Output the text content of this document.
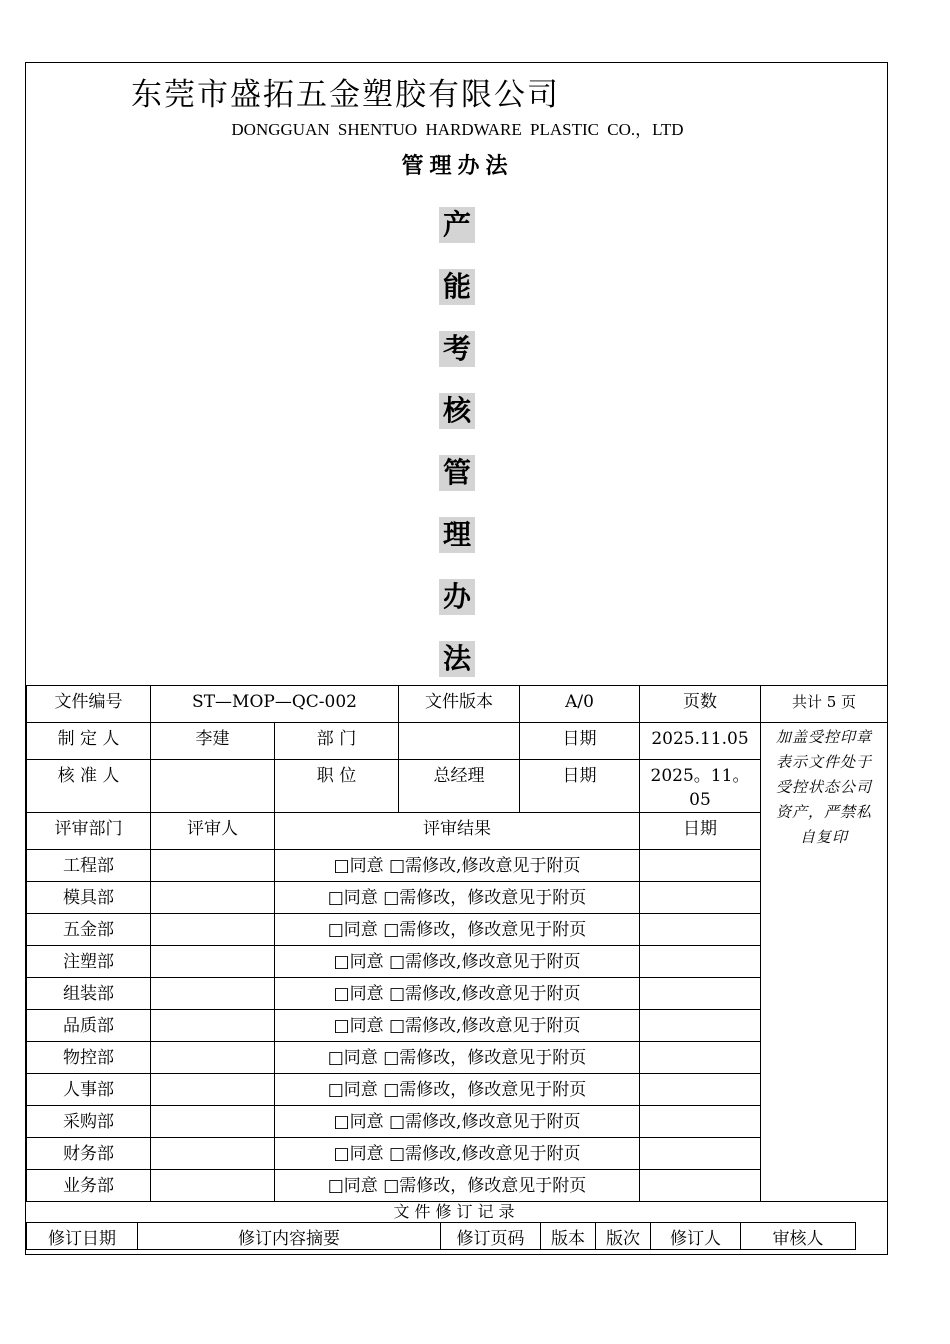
东莞市盛拓五金塑胶有限公司
DONGGUAN SHENTUO HARDWARE PLASTIC CO.，LTD
管理办法
产
能
考
核
管
理
办
法
文件编号	ST—MOP—QC-002		文件版本	A/0	页数	共计 5 页
制 定 人	李建	部 门		日期	2025.11.05	加盖受控印章表示文件处于受控状态公司资产，严禁私自复印
核 准 人		职 位	总经理	日期	2025。11。05	
评审部门	评审人	评审结果			日期	
工程部		□同意 □需修改,修改意见于附页				
模具部		□同意 □需修改，修改意见于附页				
五金部		□同意 □需修改，修改意见于附页				
注塑部		□同意 □需修改,修改意见于附页				
组装部		□同意 □需修改,修改意见于附页				
品质部		□同意 □需修改,修改意见于附页				
物控部		□同意 □需修改，修改意见于附页				
人事部		□同意 □需修改，修改意见于附页				
采购部		□同意 □需修改,修改意见于附页				
财务部		□同意 □需修改,修改意见于附页				
业务部		□同意 □需修改，修改意见于附页				
文件修订记录
修订日期	修订内容摘要	修订页码	版本	版次	修订人	审核人
